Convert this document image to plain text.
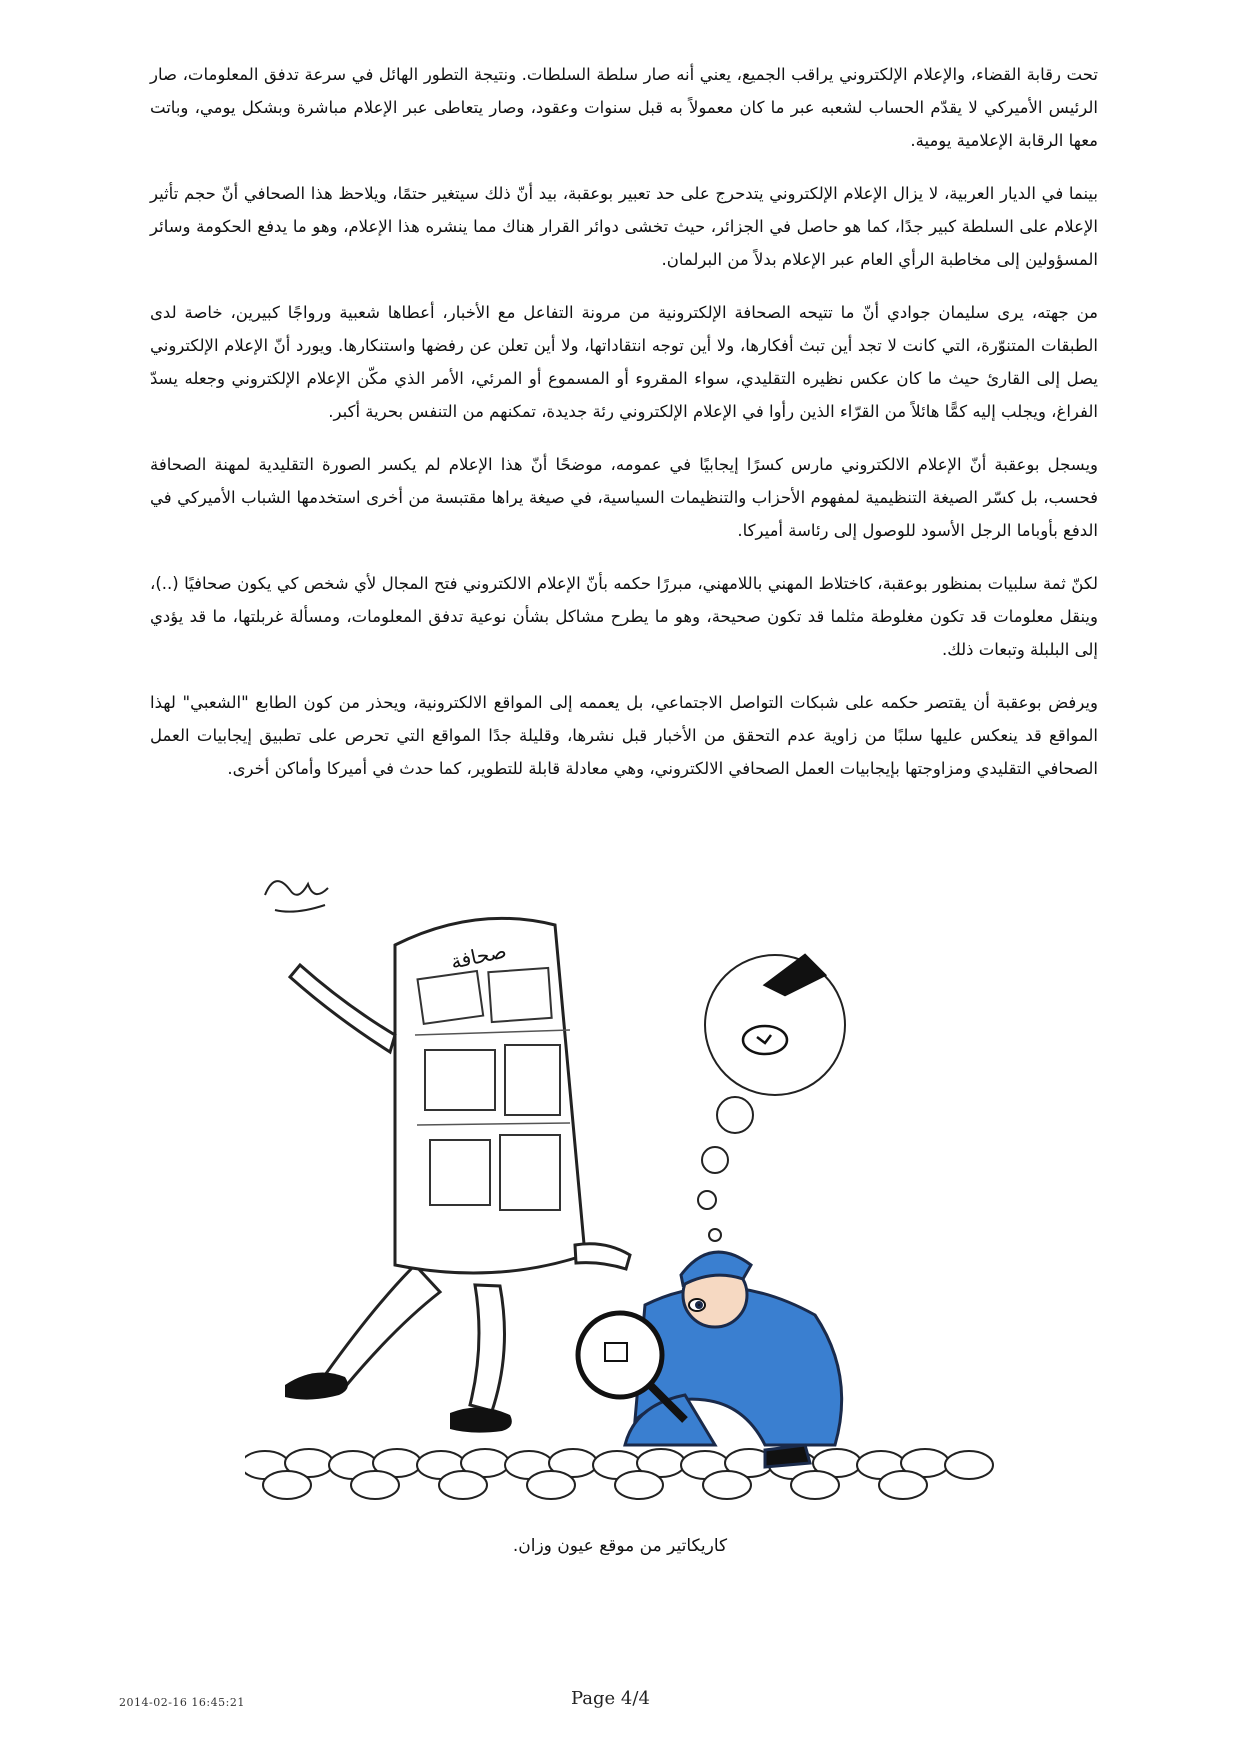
تحت رقابة القضاء، والإعلام الإلكتروني يراقب الجميع، يعني أنه صار سلطة السلطات. ونتيجة التطور الهائل في سرعة تدفق المعلومات، صار الرئيس الأميركي لا يقدّم الحساب لشعبه عبر ما كان معمولاً به قبل سنوات وعقود، وصار يتعاطى عبر الإعلام مباشرة وبشكل يومي، وباتت معها الرقابة الإعلامية يومية.

بينما في الديار العربية، لا يزال الإعلام الإلكتروني يتدحرج على حد تعبير بوعقبة، بيد أنّ ذلك سيتغير حتمًا، ويلاحظ هذا الصحافي أنّ حجم تأثير الإعلام على السلطة كبير جدًا، كما هو حاصل في الجزائر، حيث تخشى دوائر القرار هناك مما ينشره هذا الإعلام، وهو ما يدفع الحكومة وسائر المسؤولين إلى مخاطبة الرأي العام عبر الإعلام بدلاً من البرلمان.

من جهته، يرى سليمان جوادي أنّ ما تتيحه الصحافة الإلكترونية من مرونة التفاعل مع الأخبار، أعطاها شعبية ورواجًا كبيرين، خاصة لدى الطبقات المتنوّرة، التي كانت لا تجد أين تبث أفكارها، ولا أين توجه انتقاداتها، ولا أين تعلن عن رفضها واستنكارها. ويورد أنّ الإعلام الإلكتروني يصل إلى القارئ حيث ما كان عكس نظيره التقليدي، سواء المقروء أو المسموع أو المرئي، الأمر الذي مكّن الإعلام الإلكتروني وجعله يسدّ الفراغ، ويجلب إليه كمًّا هائلاً من القرّاء الذين رأوا في الإعلام الإلكتروني رئة جديدة، تمكنهم من التنفس بحرية أكبر.

ويسجل بوعقبة أنّ الإعلام الالكتروني مارس كسرًا إيجابيًا في عمومه، موضحًا أنّ هذا الإعلام لم يكسر الصورة التقليدية لمهنة الصحافة فحسب، بل كسّر الصيغة التنظيمية لمفهوم الأحزاب والتنظيمات السياسية، في صيغة يراها مقتبسة من أخرى استخدمها الشباب الأميركي في الدفع بأوباما الرجل الأسود للوصول إلى رئاسة أميركا.

لكنّ ثمة سلبيات بمنظور بوعقبة، كاختلاط المهني باللامهني، مبررًا حكمه بأنّ الإعلام الالكتروني فتح المجال لأي شخص كي يكون صحافيًا (..)، وينقل معلومات قد تكون مغلوطة مثلما قد تكون صحيحة، وهو ما يطرح مشاكل بشأن نوعية تدفق المعلومات، ومسألة غربلتها، ما قد يؤدي إلى البلبلة وتبعات ذلك.

ويرفض بوعقبة أن يقتصر حكمه على شبكات التواصل الاجتماعي، بل يعممه إلى المواقع الالكترونية، ويحذر من كون الطابع "الشعبي" لهذا المواقع قد ينعكس عليها سلبًا من زاوية عدم التحقق من الأخبار قبل نشرها، وقليلة جدًا المواقع التي تحرص على تطبيق إيجابيات العمل الصحافي التقليدي ومزاوجتها بإيجابيات العمل الصحافي الالكتروني، وهي معادلة قابلة للتطوير، كما حدث في أميركا وأماكن أخرى.

صحافة
كاريكاتير من موقع عيون وزان.
2014-02-16 16:45:21	Page 4/4
